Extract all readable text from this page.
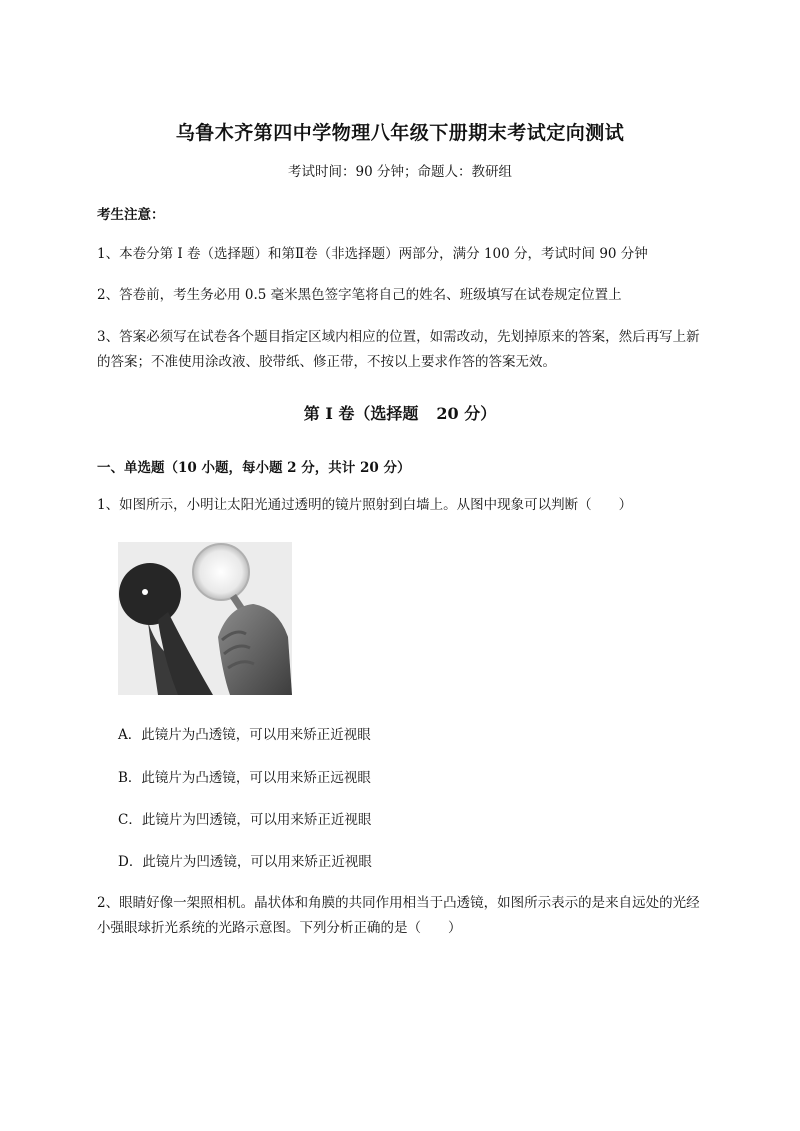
乌鲁木齐第四中学物理八年级下册期末考试定向测试

考试时间：90 分钟；命题人：教研组

考生注意：

1、本卷分第 I 卷（选择题）和第Ⅱ卷（非选择题）两部分，满分 100 分，考试时间 90 分钟

2、答卷前，考生务必用 0.5 毫米黑色签字笔将自己的姓名、班级填写在试卷规定位置上

3、答案必须写在试卷各个题目指定区域内相应的位置，如需改动，先划掉原来的答案，然后再写上新

的答案；不准使用涂改液、胶带纸、修正带，不按以上要求作答的答案无效。

第 I 卷（选择题 20 分）

一、单选题（10 小题，每小题 2 分，共计 20 分）

1、如图所示，小明让太阳光通过透明的镜片照射到白墙上。从图中现象可以判断（　　）

A．此镜片为凸透镜，可以用来矫正近视眼

B．此镜片为凸透镜，可以用来矫正远视眼

C．此镜片为凹透镜，可以用来矫正近视眼

D．此镜片为凹透镜，可以用来矫正近视眼

2、眼睛好像一架照相机。晶状体和角膜的共同作用相当于凸透镜，如图所示表示的是来自远处的光经

小强眼球折光系统的光路示意图。下列分析正确的是（　　）
